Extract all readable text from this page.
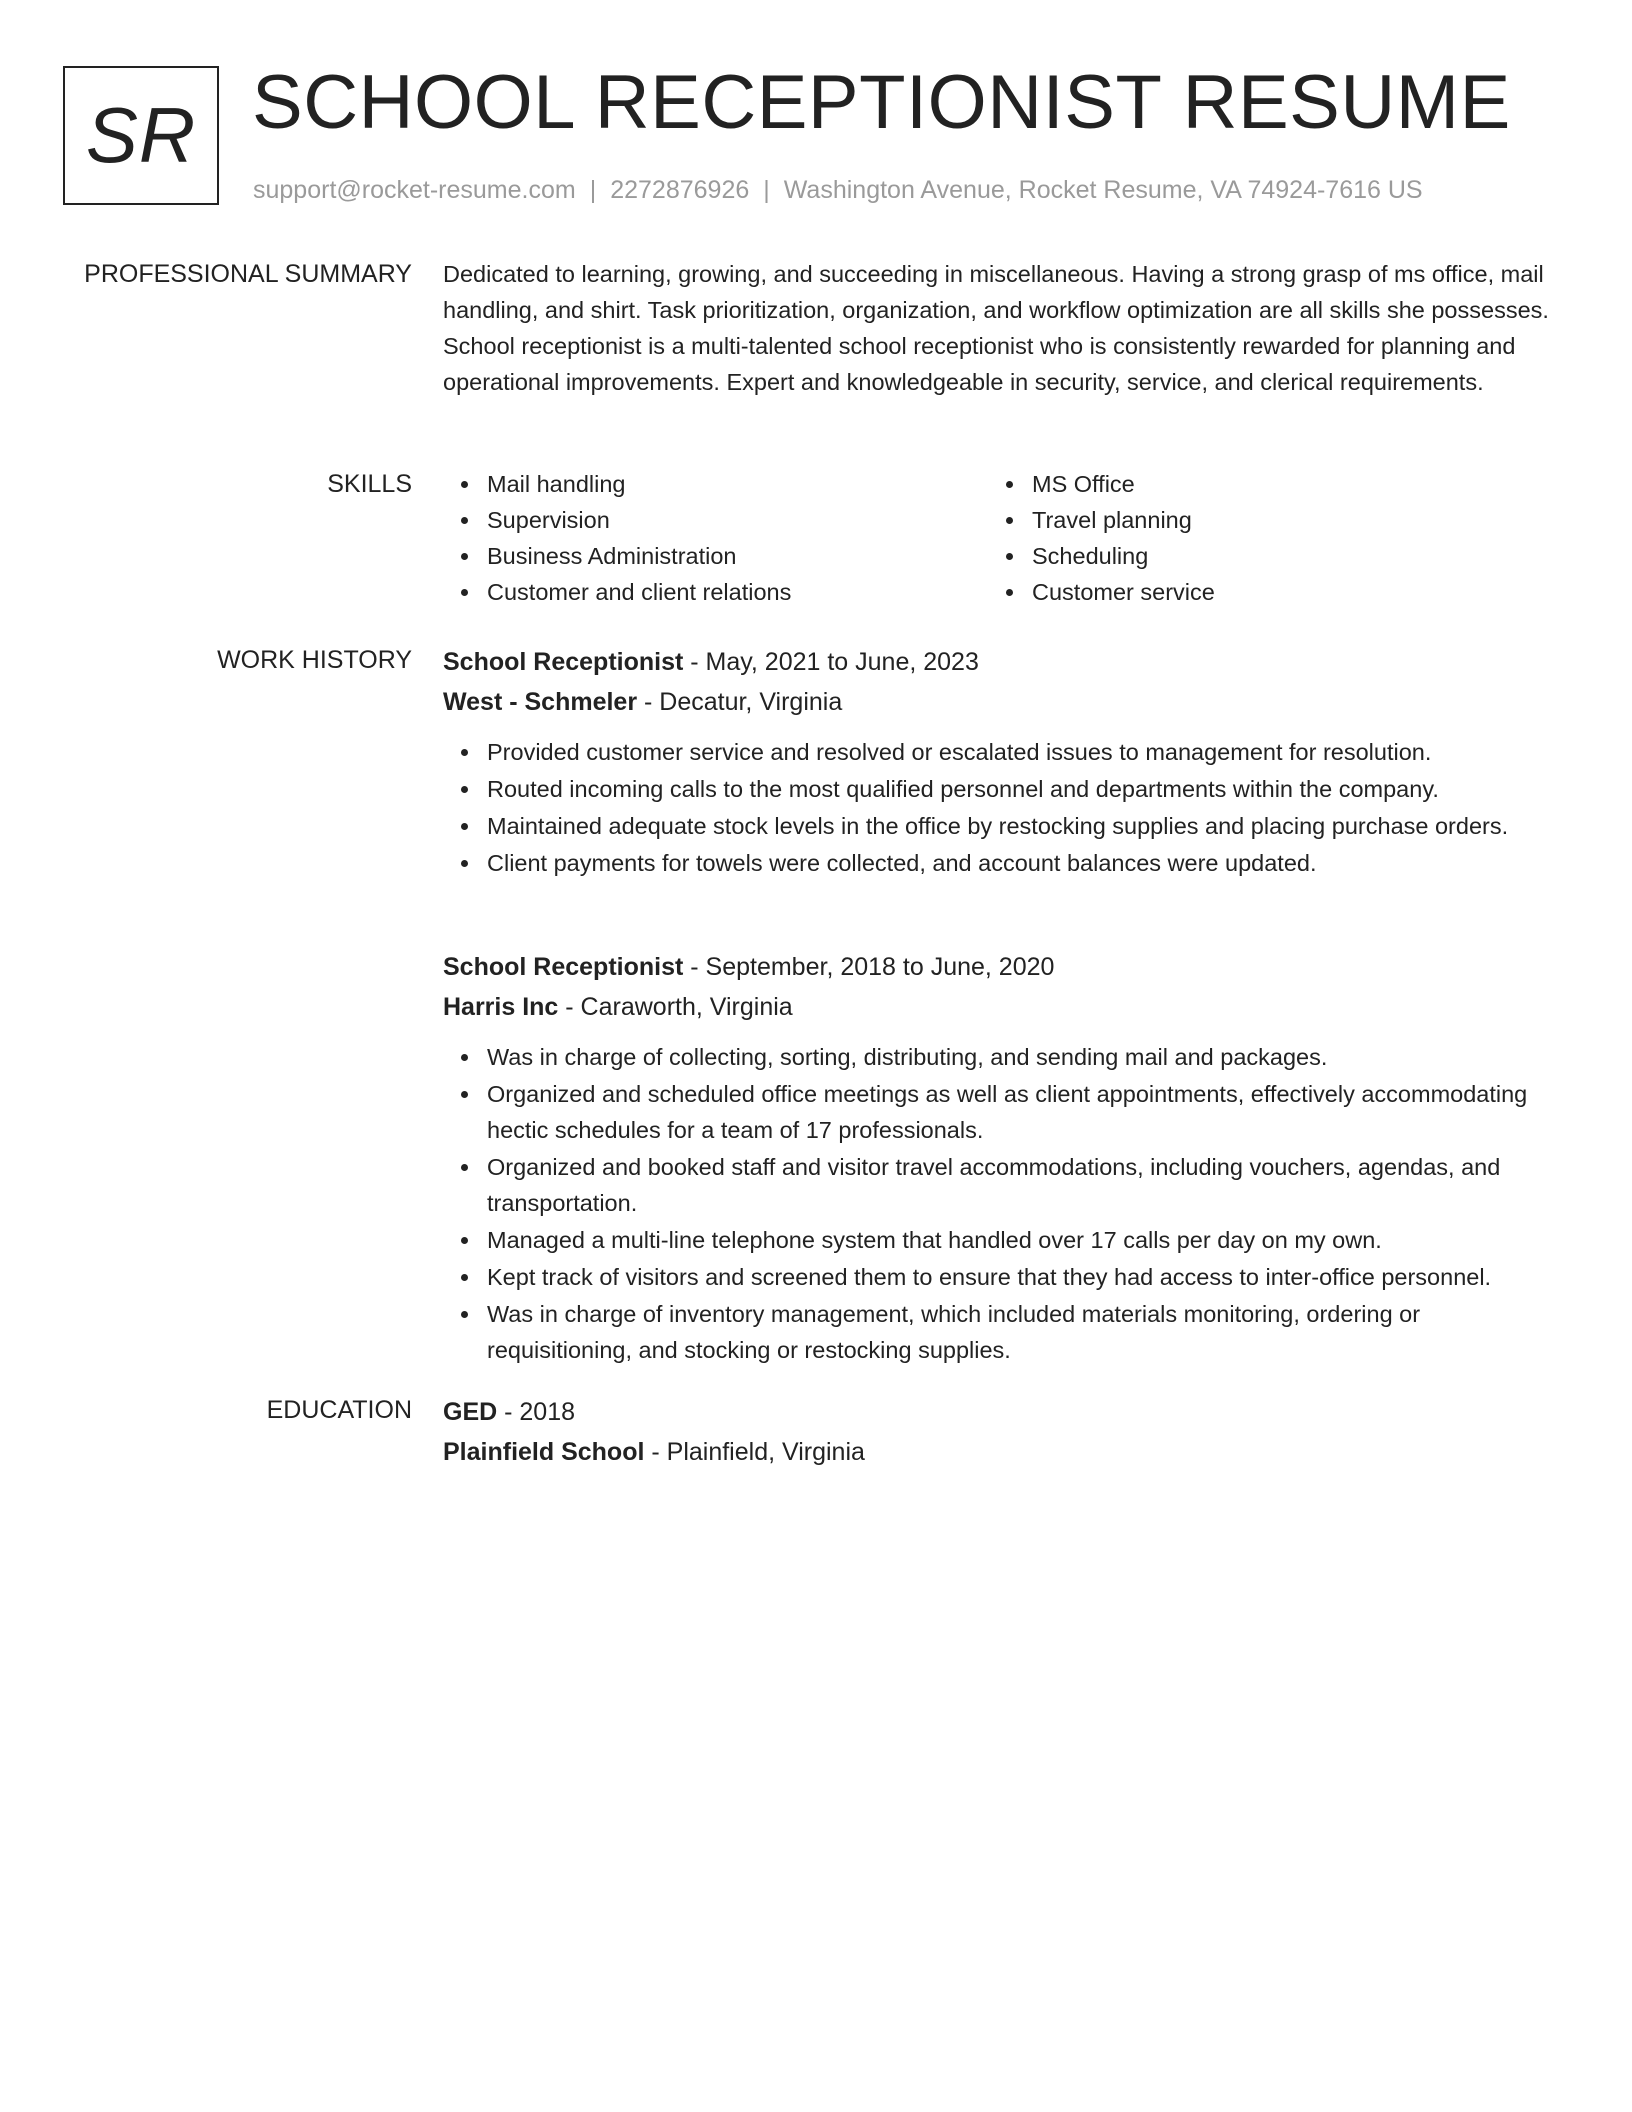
SR SCHOOL RECEPTIONIST RESUME
support@rocket-resume.com | 2272876926 | Washington Avenue, Rocket Resume, VA 74924-7616 US
PROFESSIONAL SUMMARY Dedicated to learning, growing, and succeeding in miscellaneous. Having a strong grasp of ms office, mail handling, and shirt. Task prioritization, organization, and workflow optimization are all skills she possesses. School receptionist is a multi-talented school receptionist who is consistently rewarded for planning and operational improvements. Expert and knowledgeable in security, service, and clerical requirements.

SKILLS	Mail handling
Supervision
Business Administration
Customer and client relations
MS Office
Travel planning
Scheduling
Customer service
WORK HISTORY School Receptionist - May, 2021 to June, 2023
West - Schmeler - Decatur, Virginia
Provided customer service and resolved or escalated issues to management for resolution.
Routed incoming calls to the most qualified personnel and departments within the company.
Maintained adequate stock levels in the office by restocking supplies and placing purchase orders.
Client payments for towels were collected, and account balances were updated.
School Receptionist - September, 2018 to June, 2020
Harris Inc - Caraworth, Virginia
Was in charge of collecting, sorting, distributing, and sending mail and packages.
Organized and scheduled office meetings as well as client appointments, effectively accommodating hectic schedules for a team of 17 professionals.
Organized and booked staff and visitor travel accommodations, including vouchers, agendas, and transportation.
Managed a multi-line telephone system that handled over 17 calls per day on my own.
Kept track of visitors and screened them to ensure that they had access to inter-office personnel.
Was in charge of inventory management, which included materials monitoring, ordering or requisitioning, and stocking or restocking supplies.
EDUCATION GED - 2018
Plainfield School - Plainfield, Virginia
